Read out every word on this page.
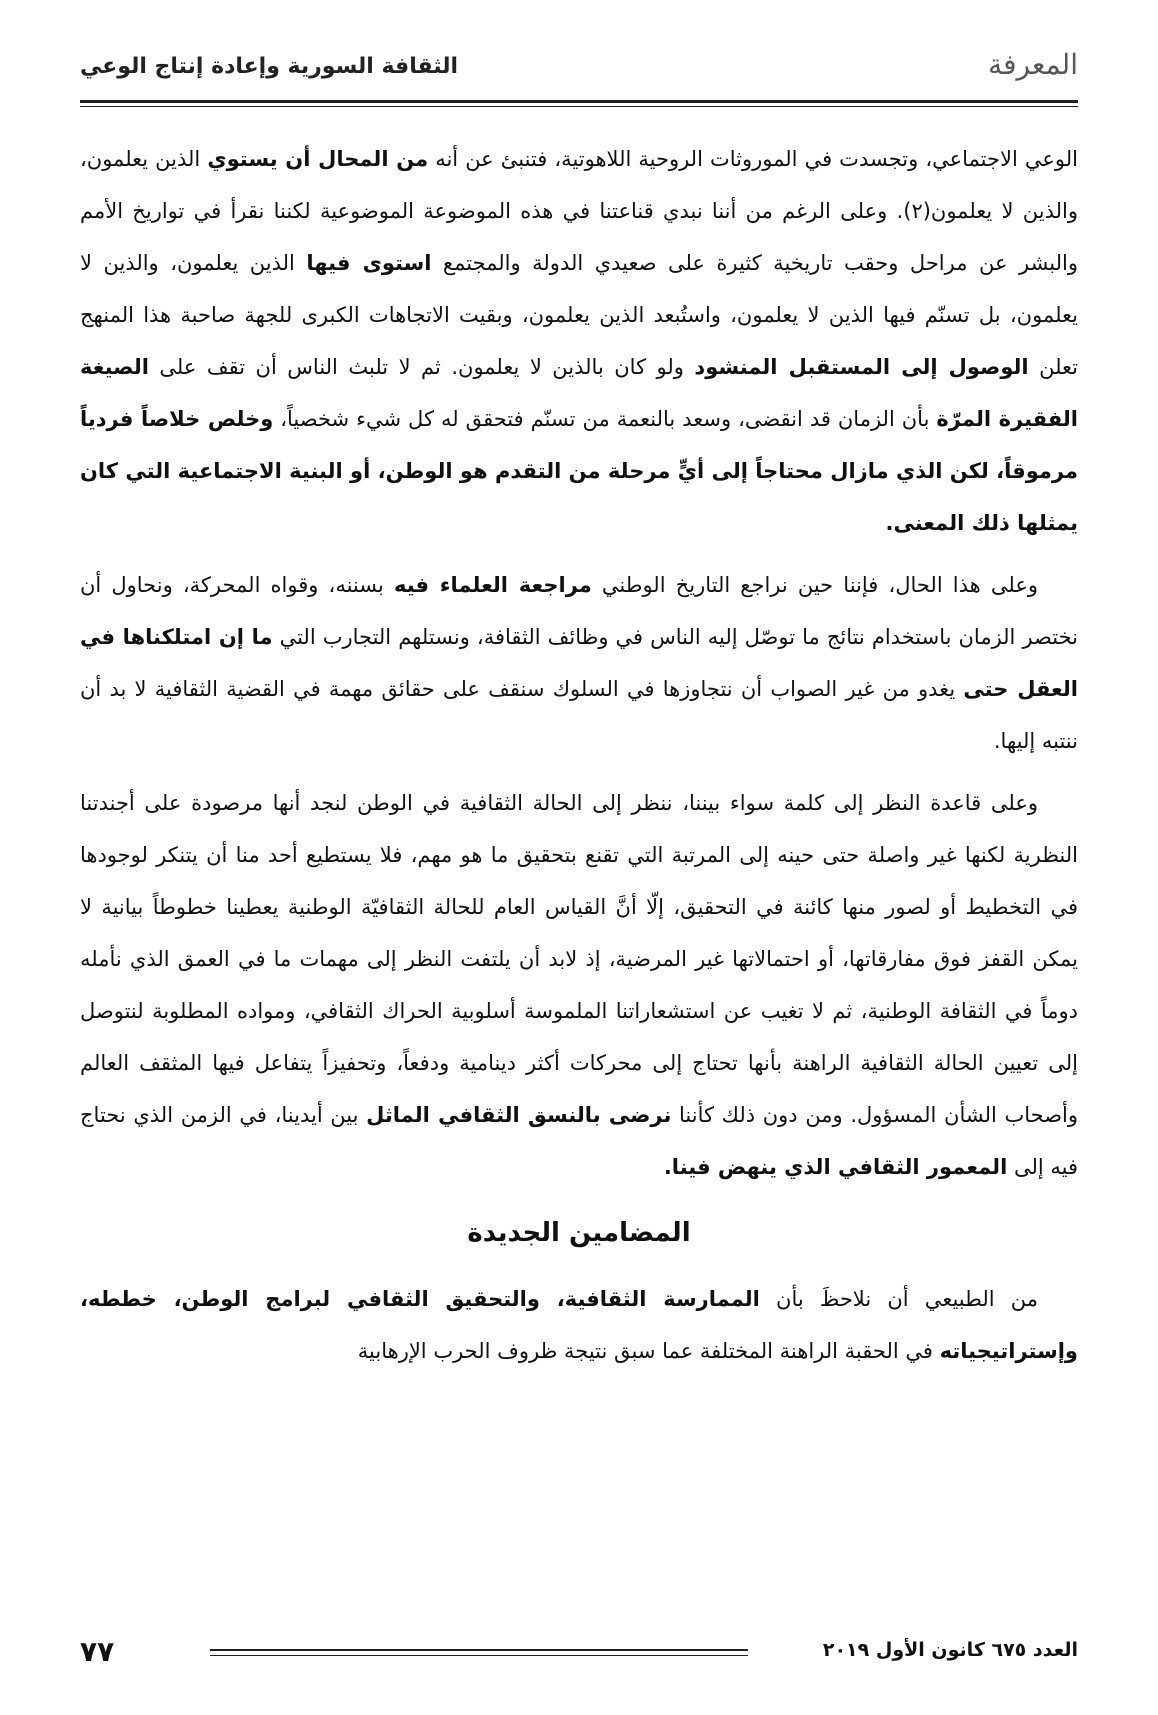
المعرفة
الثقافة السورية وإعادة إنتاج الوعي

الوعي الاجتماعي، وتجسدت في الموروثات الروحية اللاهوتية، فتنبئ عن أنه من المحال أن يستوي الذين يعلمون، والذين لا يعلمون(٢). وعلى الرغم من أننا نبدي قناعتنا في هذه الموضوعة الموضوعية لكننا نقرأ في تواريخ الأمم والبشر عن مراحل وحقب تاريخية كثيرة على صعيدي الدولة والمجتمع استوى فيها الذين يعلمون، والذين لا يعلمون، بل تسنّم فيها الذين لا يعلمون، واستُبعد الذين يعلمون، وبقيت الاتجاهات الكبرى للجهة صاحبة هذا المنهج تعلن الوصول إلى المستقبل المنشود ولو كان بالذين لا يعلمون. ثم لا تلبث الناس أن تقف على الصيغة الفقيرة المرّة بأن الزمان قد انقضى، وسعد بالنعمة من تسنّم فتحقق له كل شيء شخصياً، وخلص خلاصاً فردياً مرموقاً، لكن الذي مازال محتاجاً إلى أيٍّ مرحلة من التقدم هو الوطن، أو البنية الاجتماعية التي كان يمثلها ذلك المعنى.

وعلى هذا الحال، فإننا حين نراجع التاريخ الوطني مراجعة العلماء فيه بسننه، وقواه المحركة، ونحاول أن نختصر الزمان باستخدام نتائج ما توصّل إليه الناس في وظائف الثقافة، ونستلهم التجارب التي ما إن امتلكناها في العقل حتى يغدو من غير الصواب أن نتجاوزها في السلوك سنقف على حقائق مهمة في القضية الثقافية لا بد أن ننتبه إليها.

وعلى قاعدة النظر إلى كلمة سواء بيننا، ننظر إلى الحالة الثقافية في الوطن لنجد أنها مرصودة على أجندتنا النظرية لكنها غير واصلة حتى حينه إلى المرتبة التي تقنع بتحقيق ما هو مهم، فلا يستطيع أحد منا أن يتنكر لوجودها في التخطيط أو لصور منها كائنة في التحقيق، إلّا أنَّ القياس العام للحالة الثقافيّة الوطنية يعطينا خطوطاً بيانية لا يمكن القفز فوق مفارقاتها، أو احتمالاتها غير المرضية، إذ لابد أن يلتفت النظر إلى مهمات ما في العمق الذي نأمله دوماً في الثقافة الوطنية، ثم لا تغيب عن استشعاراتنا الملموسة أسلوبية الحراك الثقافي، ومواده المطلوبة لنتوصل إلى تعيين الحالة الثقافية الراهنة بأنها تحتاج إلى محركات أكثر دينامية ودفعاً، وتحفيزاً يتفاعل فيها المثقف العالم وأصحاب الشأن المسؤول. ومن دون ذلك كأننا نرضى بالنسق الثقافي الماثل بين أيدينا، في الزمن الذي نحتاج فيه إلى المعمور الثقافي الذي ينهض فينا.

المضامين الجديدة

من الطبيعي أن نلاحظَ بأن الممارسة الثقافية، والتحقيق الثقافي لبرامج الوطن، خططه، وإستراتيجياته في الحقبة الراهنة المختلفة عما سبق نتيجة ظروف الحرب الإرهابية

العدد ٦٧٥ كانون الأول ٢٠١٩
٧٧
